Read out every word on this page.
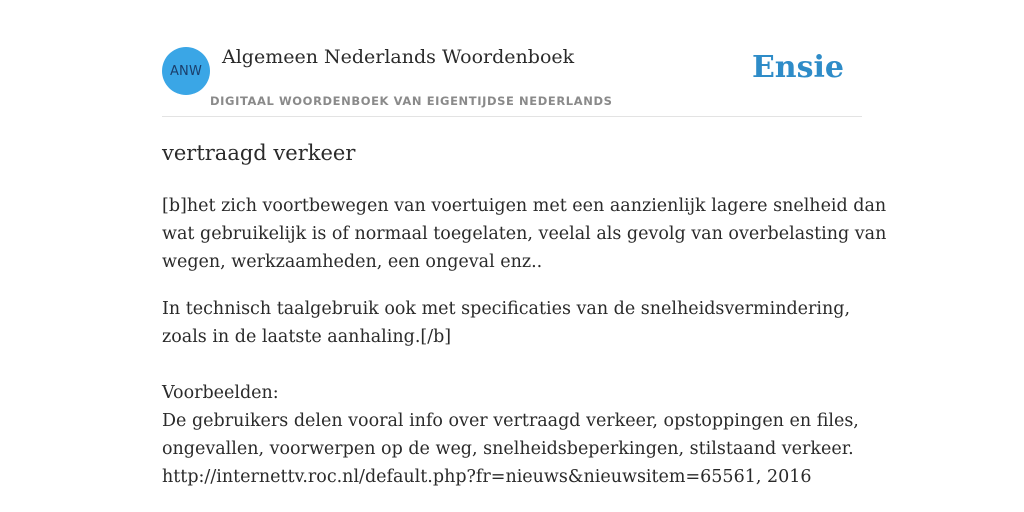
ANW
Algemeen Nederlands Woordenboek
DIGITAAL WOORDENBOEK VAN EIGENTIJDSE NEDERLANDS
Ensie
vertraagd verkeer

[b]het zich voortbewegen van voertuigen met een aanzienlijk lagere snelheid dan
wat gebruikelijk is of normaal toegelaten, veelal als gevolg van overbelasting van
wegen, werkzaamheden, een ongeval enz..

In technisch taalgebruik ook met specificaties van de snelheidsvermindering,
zoals in de laatste aanhaling.[/b]

Voorbeelden:
De gebruikers delen vooral info over vertraagd verkeer, opstoppingen en files,
ongevallen, voorwerpen op de weg, snelheidsbeperkingen, stilstaand verkeer.
http://internettv.roc.nl/default.php?fr=nieuws&nieuwsitem=65561, 2016
